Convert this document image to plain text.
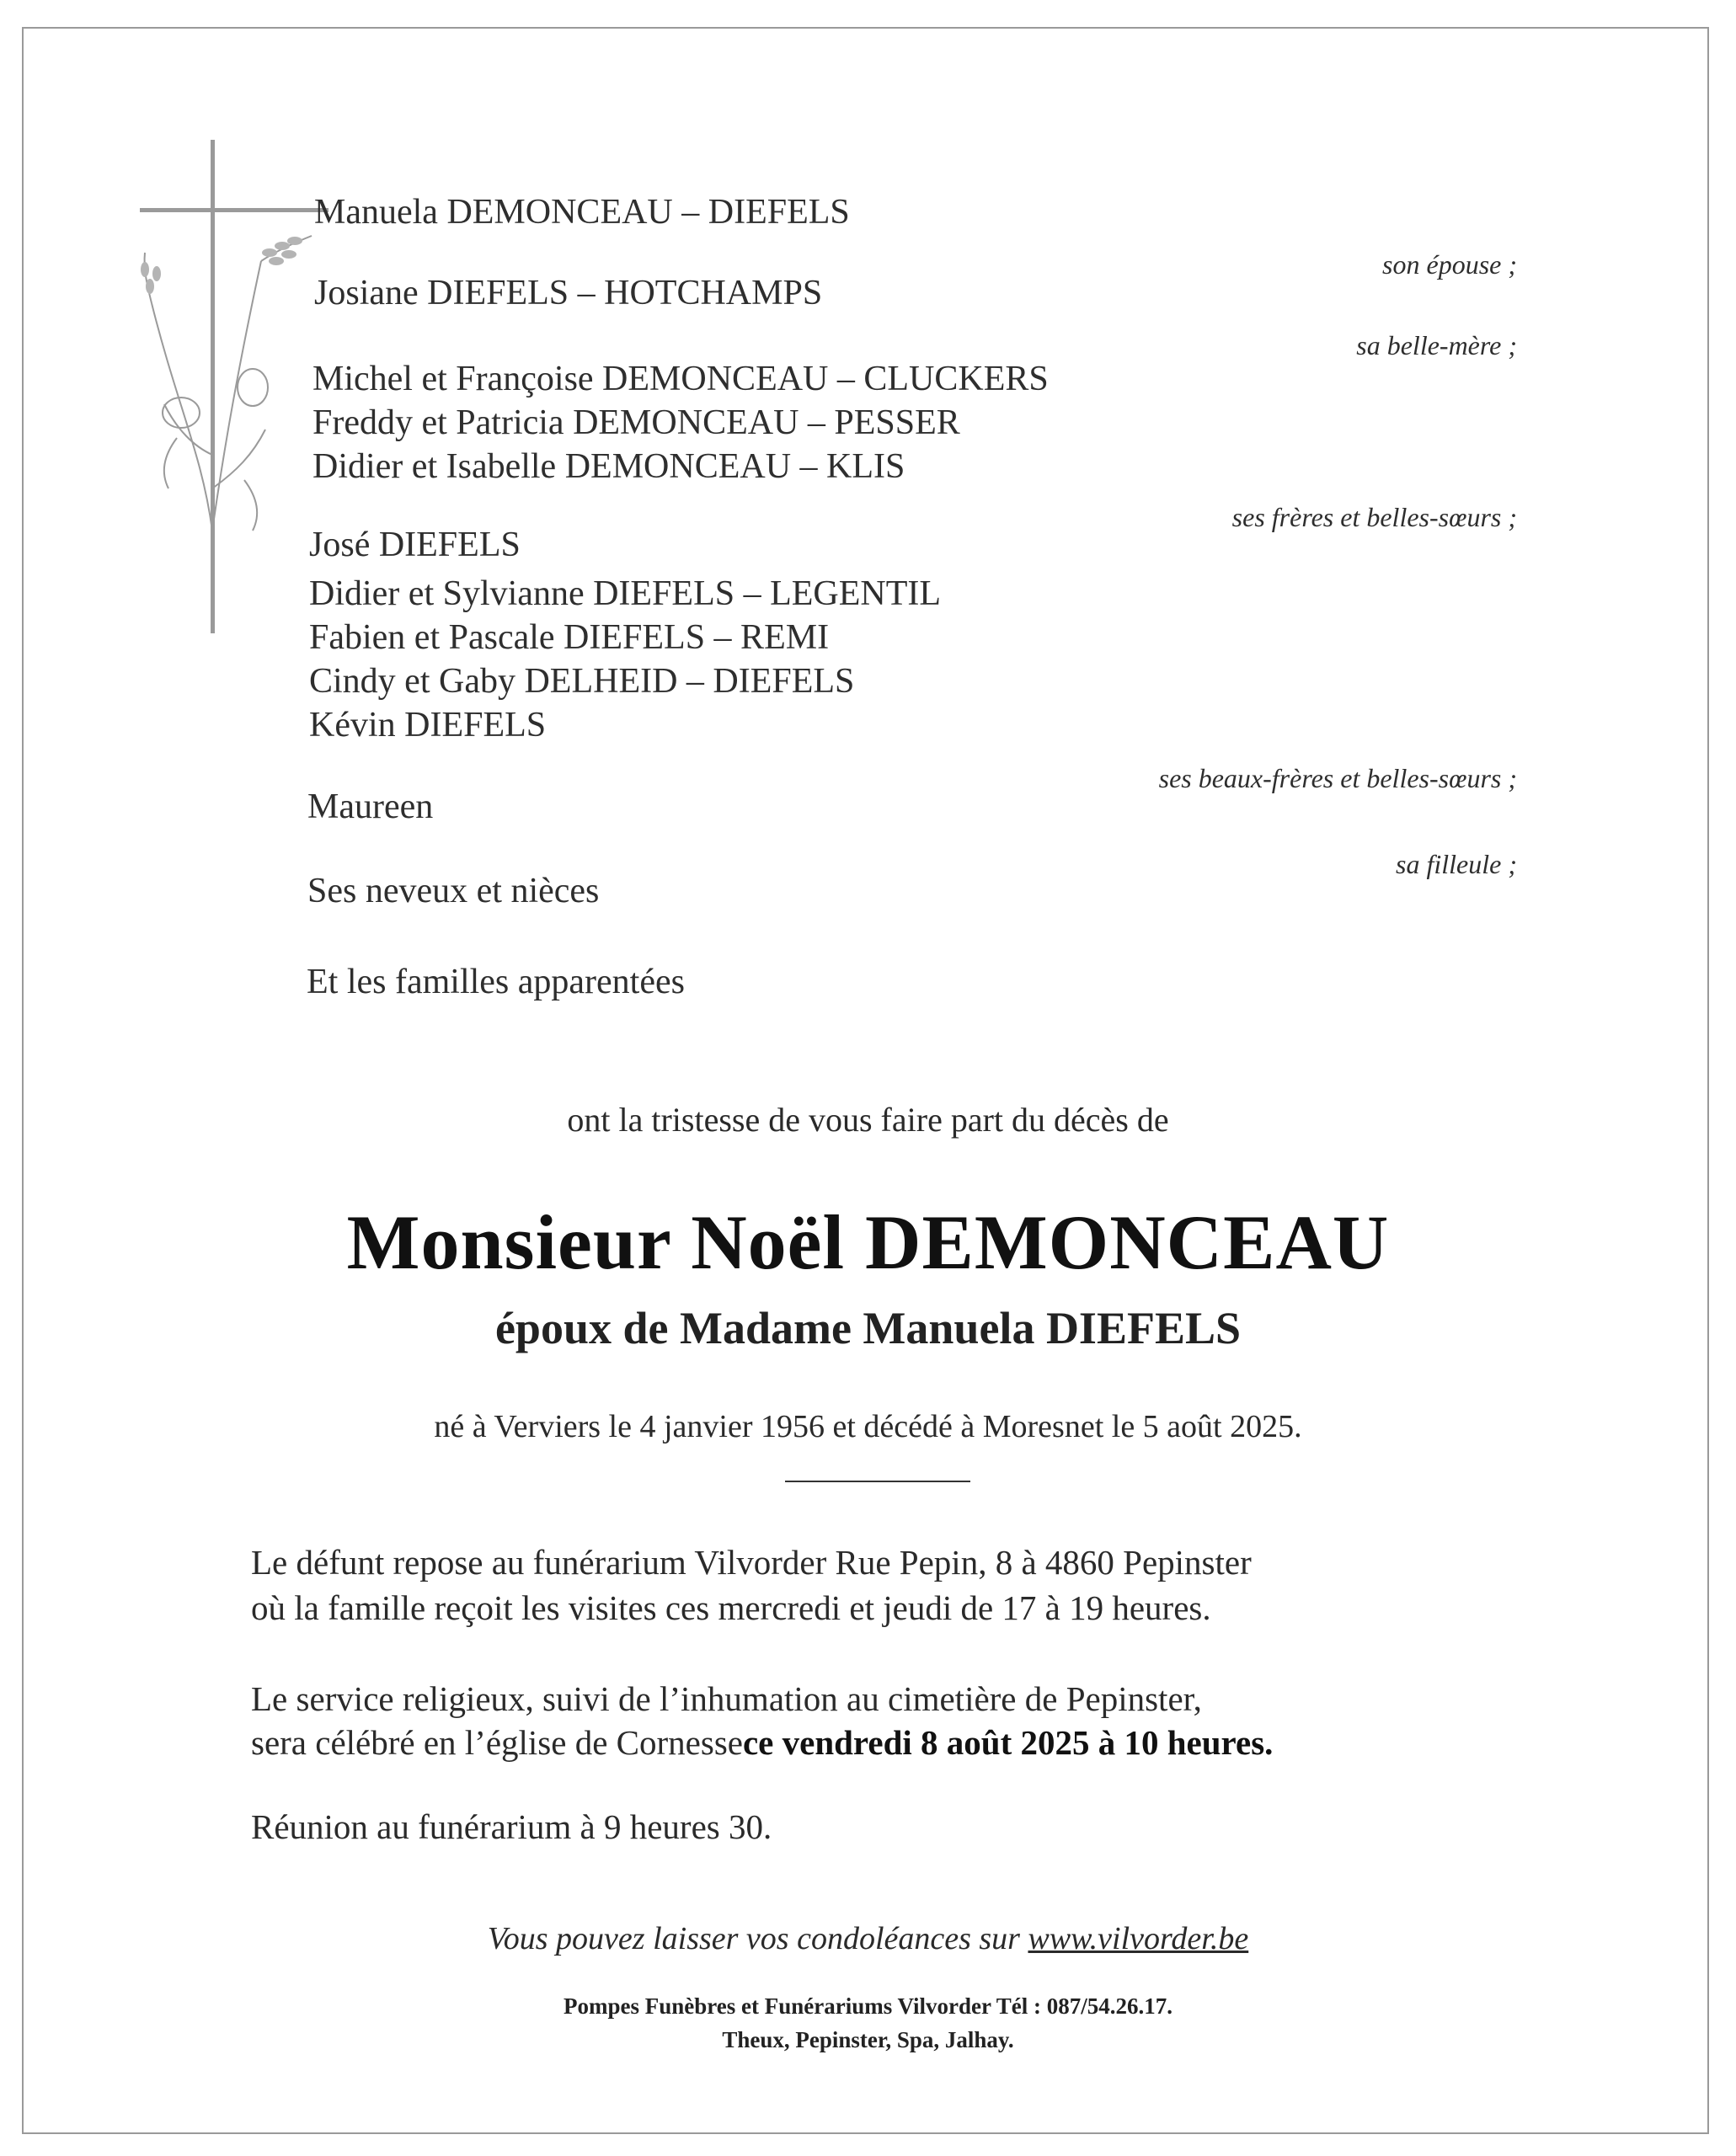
Manuela DEMONCEAU – DIEFELS
son épouse ;
Josiane DIEFELS – HOTCHAMPS
sa belle-mère ;
Michel et Françoise DEMONCEAU – CLUCKERS
Freddy et Patricia DEMONCEAU – PESSER
Didier et Isabelle DEMONCEAU – KLIS
ses frères et belles-sœurs ;
José DIEFELS
Didier et Sylvianne DIEFELS – LEGENTIL
Fabien et Pascale DIEFELS – REMI
Cindy et Gaby DELHEID – DIEFELS
Kévin DIEFELS
ses beaux-frères et belles-sœurs ;
Maureen
sa filleule ;
Ses neveux et nièces
Et les familles apparentées
ont la tristesse de vous faire part du décès de
Monsieur Noël DEMONCEAU
époux de Madame Manuela DIEFELS
né à Verviers le 4 janvier 1956 et décédé à Moresnet le 5 août 2025.
Le défunt repose au funérarium Vilvorder Rue Pepin, 8 à 4860 Pepinster
où la famille reçoit les visites ces mercredi et jeudi de 17 à 19 heures.
Le service religieux, suivi de l’inhumation au cimetière de Pepinster,
sera célébré en l’église de Cornessece vendredi 8 août 2025 à 10 heures.
Réunion au funérarium à 9 heures 30.
Vous pouvez laisser vos condoléances sur www.vilvorder.be
Pompes Funèbres et Funérariums Vilvorder Tél : 087/54.26.17.
Theux, Pepinster, Spa, Jalhay.
